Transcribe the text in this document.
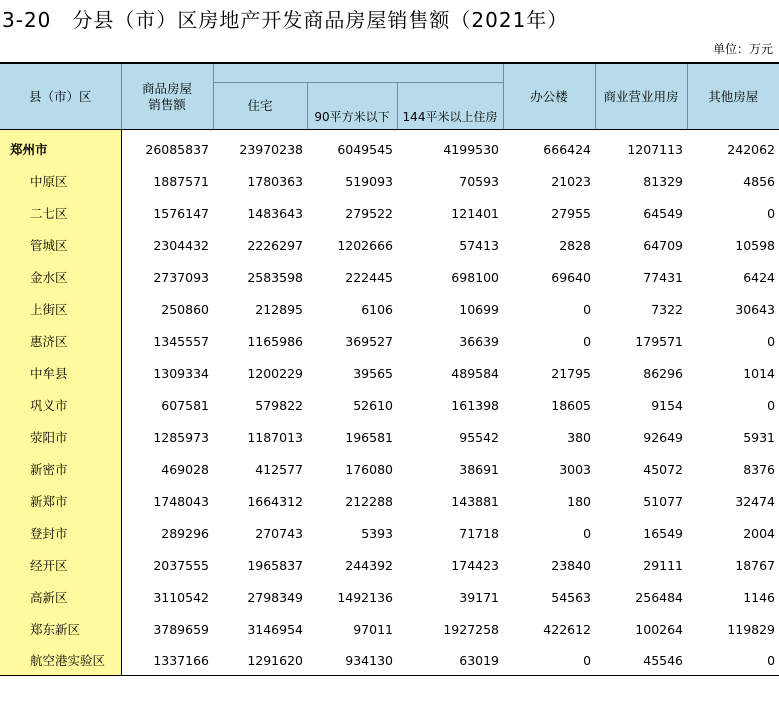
3-20　分县（市）区房地产开发商品房屋销售额（2021年）
单位：万元
县（市）区	商品房屋
销售额				办公楼	商业营业用房	其他房屋
		住宅	90平方米以下	144平米以上住房			
郑州市	26085837	23970238	6049545	4199530	666424	1207113	242062
中原区	1887571	1780363	519093	70593	21023	81329	4856
二七区	1576147	1483643	279522	121401	27955	64549	0
管城区	2304432	2226297	1202666	57413	2828	64709	10598
金水区	2737093	2583598	222445	698100	69640	77431	6424
上街区	250860	212895	6106	10699	0	7322	30643
惠济区	1345557	1165986	369527	36639	0	179571	0
中牟县	1309334	1200229	39565	489584	21795	86296	1014
巩义市	607581	579822	52610	161398	18605	9154	0
荥阳市	1285973	1187013	196581	95542	380	92649	5931
新密市	469028	412577	176080	38691	3003	45072	8376
新郑市	1748043	1664312	212288	143881	180	51077	32474
登封市	289296	270743	5393	71718	0	16549	2004
经开区	2037555	1965837	244392	174423	23840	29111	18767
高新区	3110542	2798349	1492136	39171	54563	256484	1146
郑东新区	3789659	3146954	97011	1927258	422612	100264	119829
航空港实验区	1337166	1291620	934130	63019	0	45546	0
